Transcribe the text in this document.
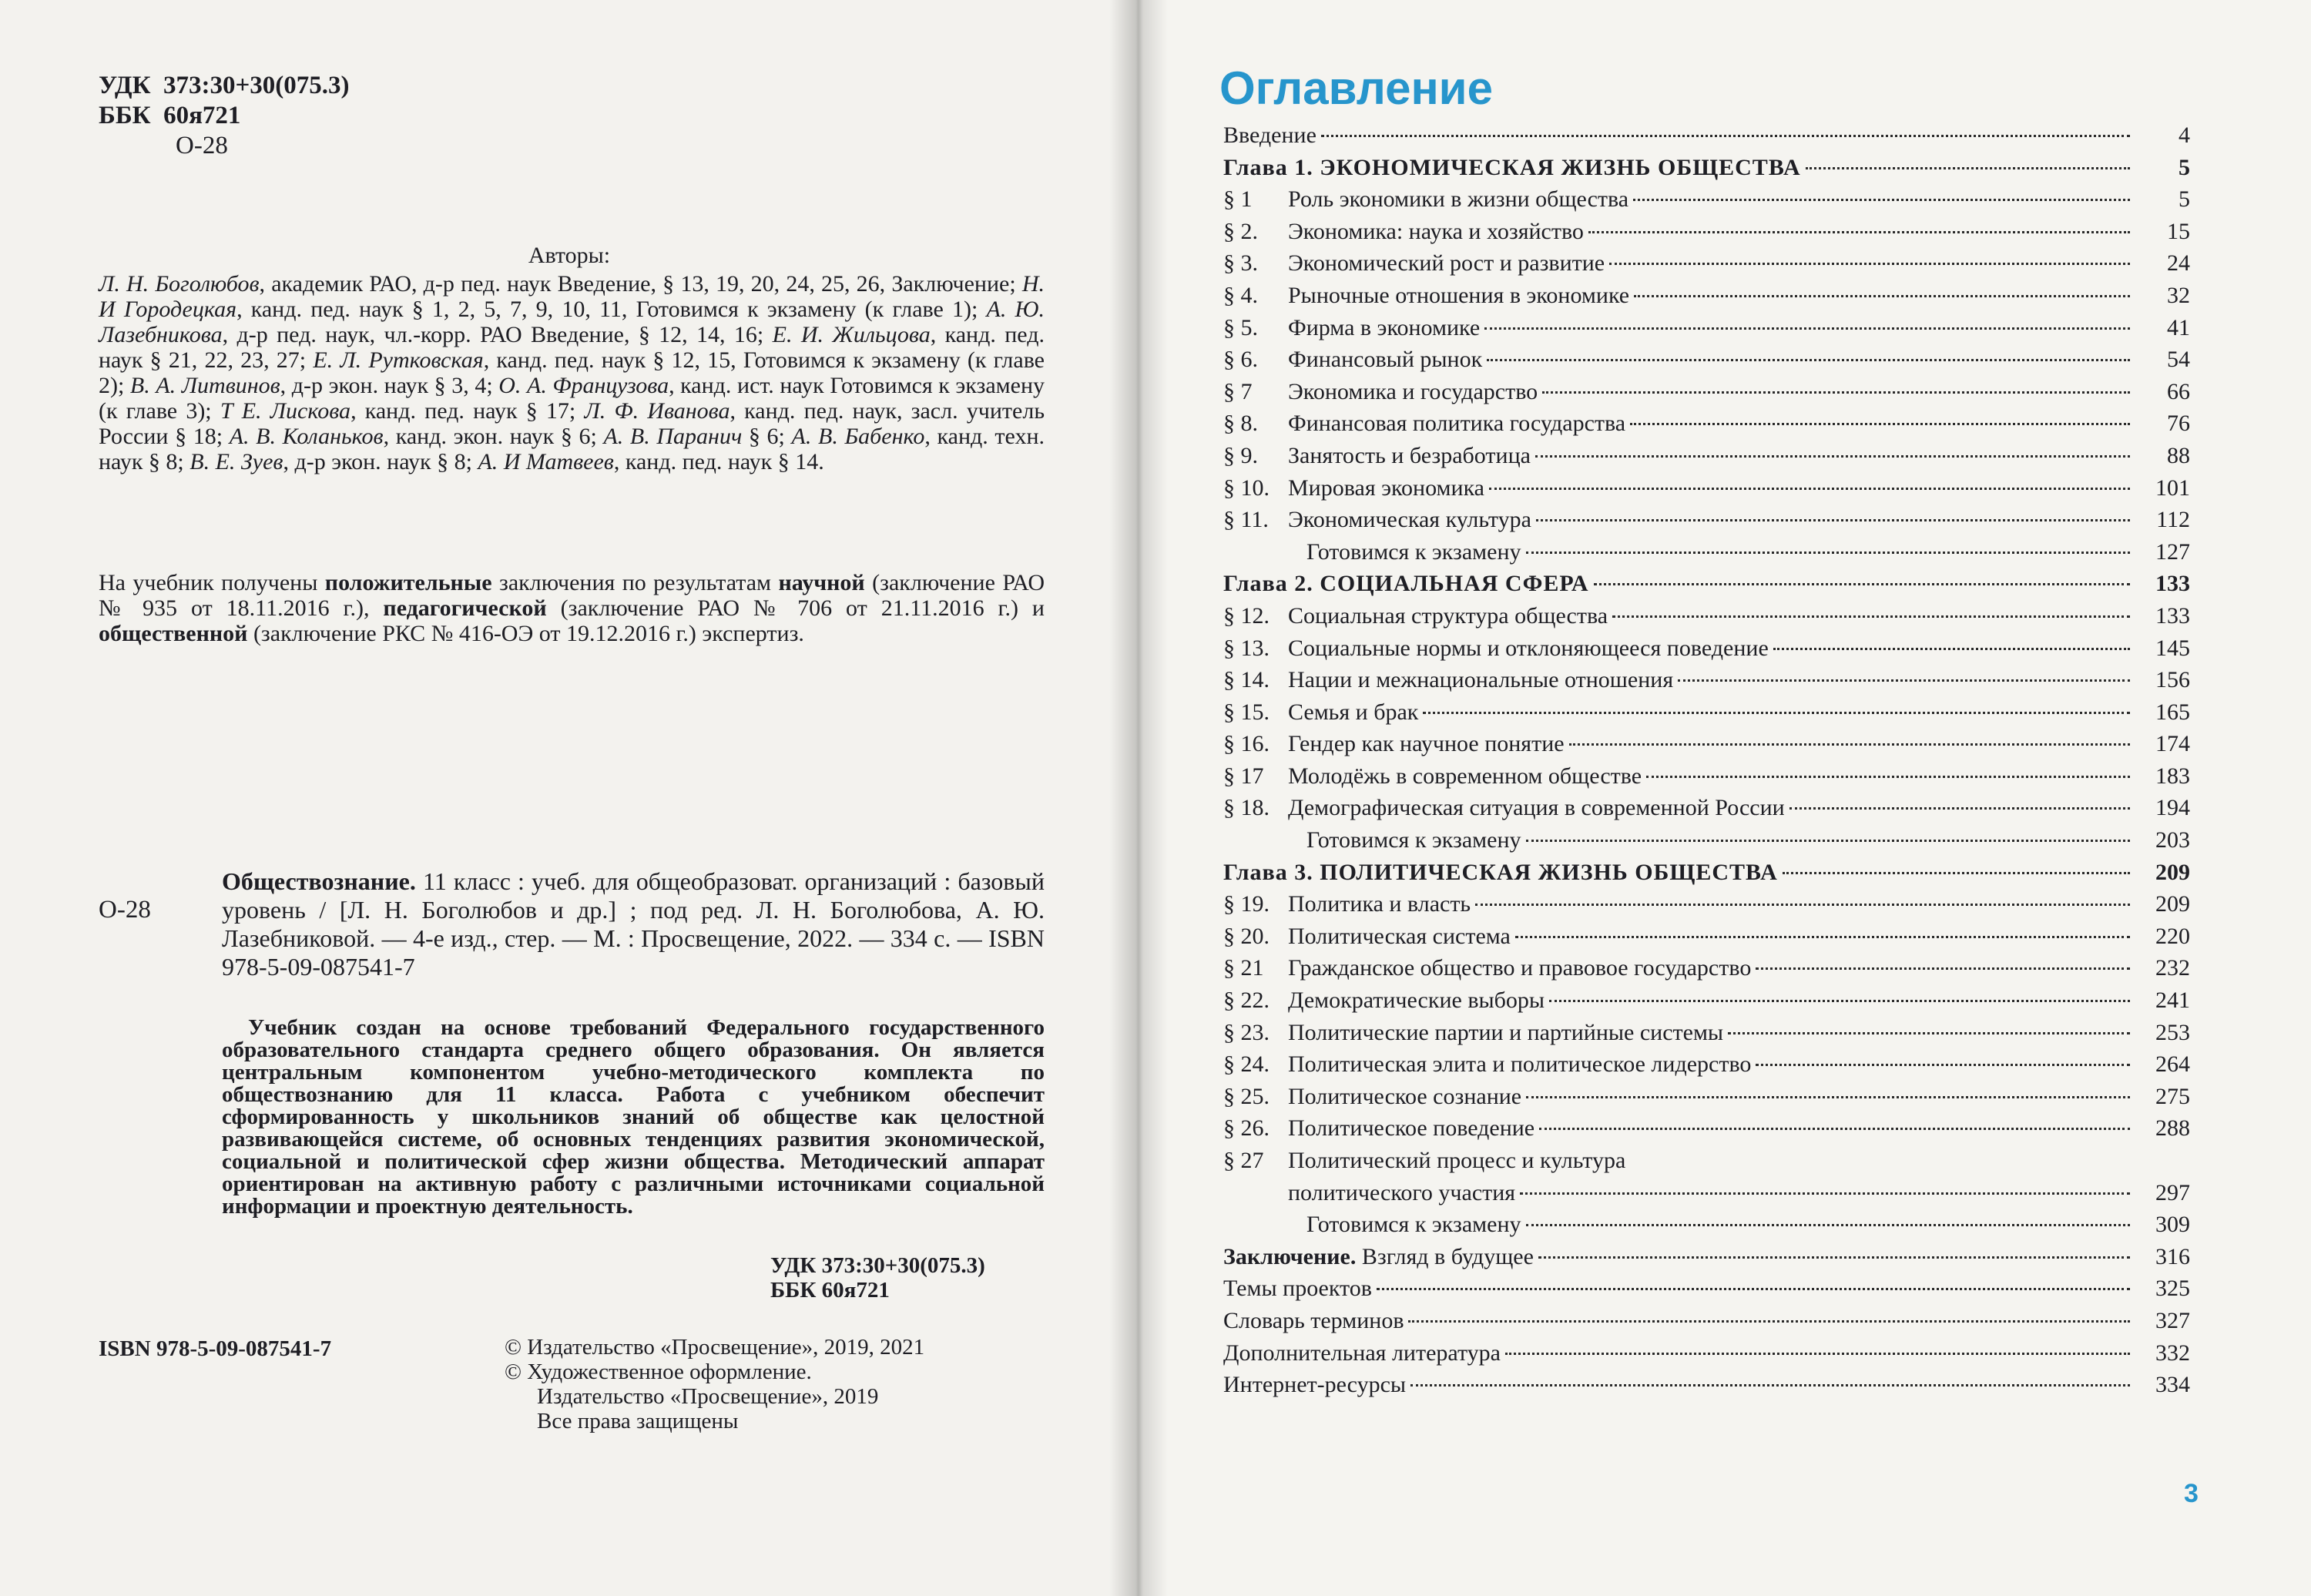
УДК  373:30+30(075.3)
ББК  60я721
О-28
Авторы:
Л. Н. Боголюбов, академик РАО, д-р пед. наук Введение, § 13, 19, 20, 24, 25, 26, Заключение; Н. И Городецкая, канд. пед. наук § 1, 2, 5, 7, 9, 10, 11, Готовимся к экзамену (к главе 1); А. Ю. Лазебникова, д-р пед. наук, чл.-корр. РАО Введение, § 12, 14, 16; Е. И. Жильцова, канд. пед. наук § 21, 22, 23, 27; Е. Л. Рутковская, канд. пед. наук § 12, 15, Готовимся к экзамену (к главе 2); В. А. Литвинов, д-р экон. наук § 3, 4; О. А. Французова, канд. ист. наук Готовимся к экзамену (к главе 3); Т Е. Лискова, канд. пед. наук § 17; Л. Ф. Иванова, канд. пед. наук, засл. учитель России § 18; А. В. Коланьков, канд. экон. наук § 6; А. В. Паранич § 6; А. В. Бабенко, канд. техн. наук § 8; В. Е. Зуев, д-р экон. наук § 8; А. И Матвеев, канд. пед. наук § 14.
На учебник получены положительные заключения по результатам научной (заключение РАО № 935 от 18.11.2016 г.), педагогической (заключение РАО № 706 от 21.11.2016 г.) и общественной (заключение РКС № 416-ОЭ от 19.12.2016 г.) экспертиз.
О-28
Обществознание. 11 класс : учеб. для общеобразоват. организаций : базовый уровень / [Л. Н. Боголюбов и др.] ; под ред. Л. Н. Боголюбова, А. Ю. Лазебниковой. — 4-е изд., стер. — М. : Просвещение, 2022. — 334 с. — ISBN 978-5-09-087541-7
Учебник создан на основе требований Федерального государственного образовательного стандарта среднего общего образования. Он является центральным компонентом учебно-методического комплекта по обществознанию для 11 класса. Работа с учебником обеспечит сформированность у школьников знаний об обществе как целостной развивающейся системе, об основных тенденциях развития экономической, социальной и политической сфер жизни общества. Методический аппарат ориентирован на активную работу с различными источниками социальной информации и проектную деятельность.
УДК 373:30+30(075.3)
ББК 60я721
ISBN 978-5-09-087541-7	© Издательство «Просвещение», 2019, 2021
© Художественное оформление.
Издательство «Просвещение», 2019
Все права защищены
Оглавление
Введение	4
Глава 1. ЭКОНОМИЧЕСКАЯ ЖИЗНЬ ОБЩЕСТВА	5
§ 1	Роль экономики в жизни общества	5
§ 2.	Экономика: наука и хозяйство	15
§ 3.	Экономический рост и развитие	24
§ 4.	Рыночные отношения в экономике	32
§ 5.	Фирма в экономике	41
§ 6.	Финансовый рынок	54
§ 7	Экономика и государство	66
§ 8.	Финансовая политика государства	76
§ 9.	Занятость и безработица	88
§ 10. Мировая экономика	101
§ 11. Экономическая культура	112
Готовимся к экзамену	127
Глава 2. СОЦИАЛЬНАЯ СФЕРА	133
§ 12. Социальная структура общества	133
§ 13. Социальные нормы и отклоняющееся поведение	145
§ 14. Нации и межнациональные отношения	156
§ 15. Семья и брак	165
§ 16. Гендер как научное понятие	174
§ 17	Молодёжь в современном обществе	183
§ 18. Демографическая ситуация в современной России	194
Готовимся к экзамену	203
Глава 3. ПОЛИТИЧЕСКАЯ ЖИЗНЬ ОБЩЕСТВА	209
§ 19. Политика и власть	209
§ 20. Политическая система	220
§ 21	Гражданское общество и правовое государство	232
§ 22. Демократические выборы	241
§ 23. Политические партии и партийные системы	253
§ 24. Политическая элита и политическое лидерство	264
§ 25. Политическое сознание	275
§ 26. Политическое поведение	288
§ 27	Политический процесс и культура
политического участия	297
Готовимся к экзамену	309
Заключение. Взгляд в будущее	316
Темы проектов	325
Словарь терминов	327
Дополнительная литература	332
Интернет-ресурсы	334
3
